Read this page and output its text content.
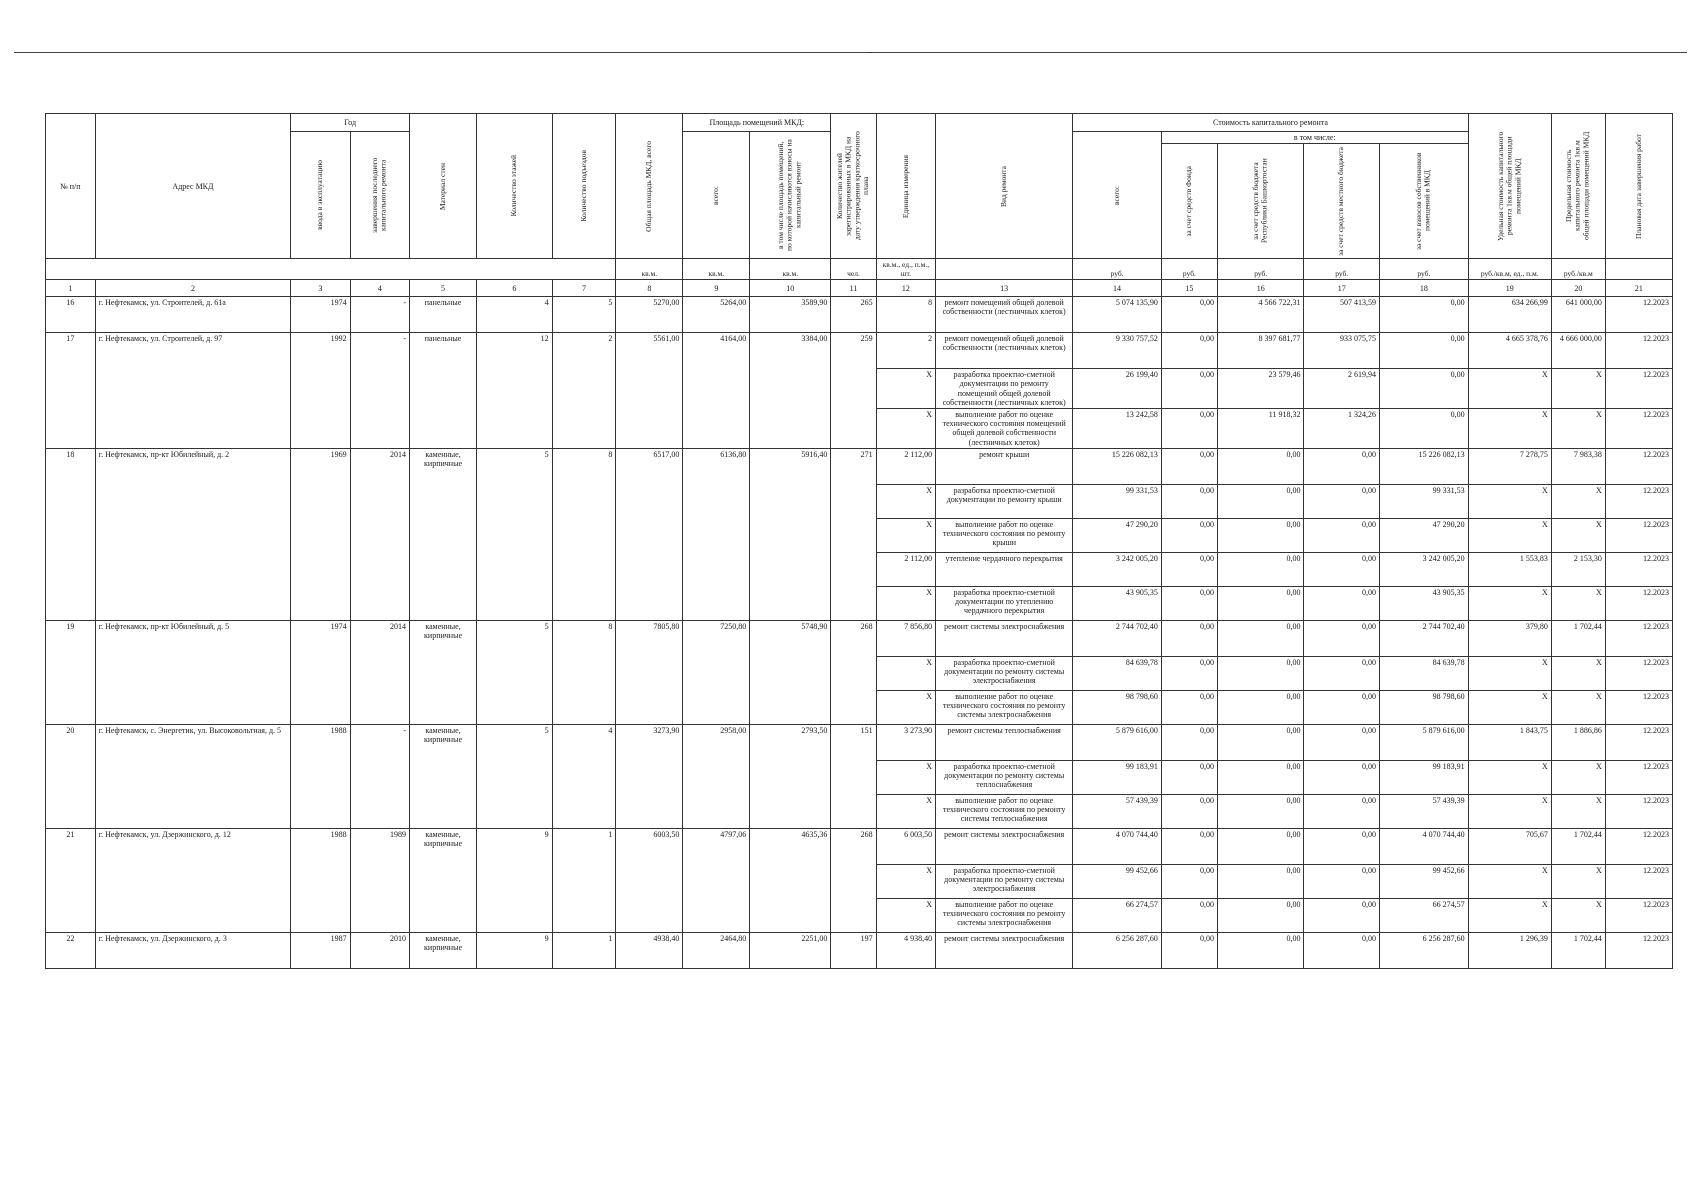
–
№ п/п	Адрес МКД	Год		Материал стен	Количество этажей	Количество подъездов	Общая площадь МКД, всего	Площадь помещений МКД:		Количество жителей зарегистрированных в МКД на дату утверждения краткосрочного плана	Единица измерения	Вид ремонта	Стоимость капитального ремонта					Удельная стоимость капитального ремонта 1кв.м общей площади помещений МКД	Предельная стоимость капитального ремонта 1кв.м общей площади помещений МКД	Плановая дата завершения работ

		ввода в эксплуатацию	завершения последнего капитального ремонта					всего:	в том числе площадь помещений, по которой начисляются взносы на капитальный ремонт				всего:	в том числе:						

														за счет средств Фонда	за счет средств бюджета Республики Башкортостан	за счет средств местного бюджета	за счет взносов собственников помещений в МКД			

							кв.м.	кв.м.	кв.м.	чел.	кв.м., ед., п.м., шт.		руб.	руб.	руб.	руб.	руб.	руб./кв.м, ед., п.м.	руб./кв.м	
1	2	3	4	5	6	7	8	9	10	11	12	13	14	15	16	17	18	19	20	21
16	г. Нефтекамск, ул. Строителей, д. 61а	1974	-	панельные	4	5	5270,00	5264,00	3589,90	265	8	ремонт помещений общей долевой собственности (лестничных клеток)	5 074 135,90	0,00	4 566 722,31	507 413,59	0,00	634 266,99	641 000,00	12.2023
17	г. Нефтекамск, ул. Строителей, д. 97	1992	-	панельные	12	2	5561,00	4164,00	3384,00	259	2	ремонт помещений общей долевой собственности (лестничных клеток)	9 330 757,52	0,00	8 397 681,77	933 075,75	0,00	4 665 378,76	4 666 000,00	12.2023
											X	разработка проектно-сметной документации по ремонту помещений общей долевой собственности (лестничных клеток)	26 199,40	0,00	23 579,46	2 619,94	0,00	X	X	12.2023
											X	выполнение работ по оценке технического состояния помещений общей долевой собственности (лестничных клеток)	13 242,58	0,00	11 918,32	1 324,26	0,00	X	X	12.2023
18	г. Нефтекамск, пр-кт Юбилейный, д. 2	1969	2014	каменные, кирпичные	5	8	6517,00	6136,80	5916,40	271	2 112,00	ремонт крыши	15 226 082,13	0,00	0,00	0,00	15 226 082,13	7 278,75	7 983,38	12.2023
											X	разработка проектно-сметной документации по ремонту крыши	99 331,53	0,00	0,00	0,00	99 331,53	X	X	12.2023
											X	выполнение работ по оценке технического состояния по ремонту крыши	47 290,20	0,00	0,00	0,00	47 290,20	X	X	12.2023
											2 112,00	утепление чердачного перекрытия	3 242 005,20	0,00	0,00	0,00	3 242 005,20	1 553,83	2 153,30	12.2023
											X	разработка проектно-сметной документации по утеплению чердачного перекрытия	43 905,35	0,00	0,00	0,00	43 905,35	X	X	12.2023
19	г. Нефтекамск, пр-кт Юбилейный, д. 5	1974	2014	каменные, кирпичные	5	8	7805,80	7250,80	5748,90	268	7 856,80	ремонт системы электроснабжения	2 744 702,40	0,00	0,00	0,00	2 744 702,40	379,80	1 702,44	12.2023
											X	разработка проектно-сметной документации по ремонту системы электроснабжения	84 639,78	0,00	0,00	0,00	84 639,78	X	X	12.2023
											X	выполнение работ по оценке технического состояния по ремонту системы электроснабжения	98 798,60	0,00	0,00	0,00	98 798,60	X	X	12.2023
20	г. Нефтекамск, с. Энергетик, ул. Высоковольтная, д. 5	1988	-	каменные, кирпичные	5	4	3273,90	2958,00	2793,50	151	3 273,90	ремонт системы теплоснабжения	5 879 616,00	0,00	0,00	0,00	5 879 616,00	1 843,75	1 886,86	12.2023
											X	разработка проектно-сметной документации по ремонту системы теплоснабжения	99 183,91	0,00	0,00	0,00	99 183,91	X	X	12.2023
											X	выполнение работ по оценке технического состояния по ремонту системы теплоснабжения	57 439,39	0,00	0,00	0,00	57 439,39	X	X	12.2023
21	г. Нефтекамск, ул. Дзержинского, д. 12	1988	1989	каменные, кирпичные	9	1	6003,50	4797,06	4635,36	268	6 003,50	ремонт системы электроснабжения	4 070 744,40	0,00	0,00	0,00	4 070 744,40	705,67	1 702,44	12.2023
											X	разработка проектно-сметной документации по ремонту системы электроснабжения	99 452,66	0,00	0,00	0,00	99 452,66	X	X	12.2023
											X	выполнение работ по оценке технического состояния по ремонту системы электроснабжения	66 274,57	0,00	0,00	0,00	66 274,57	X	X	12.2023
22	г. Нефтекамск, ул. Дзержинского, д. 3	1987	2010	каменные, кирпичные	9	1	4938,40	2464,80	2251,00	197	4 938,40	ремонт системы электроснабжения	6 256 287,60	0,00	0,00	0,00	6 256 287,60	1 296,39	1 702,44	12.2023
